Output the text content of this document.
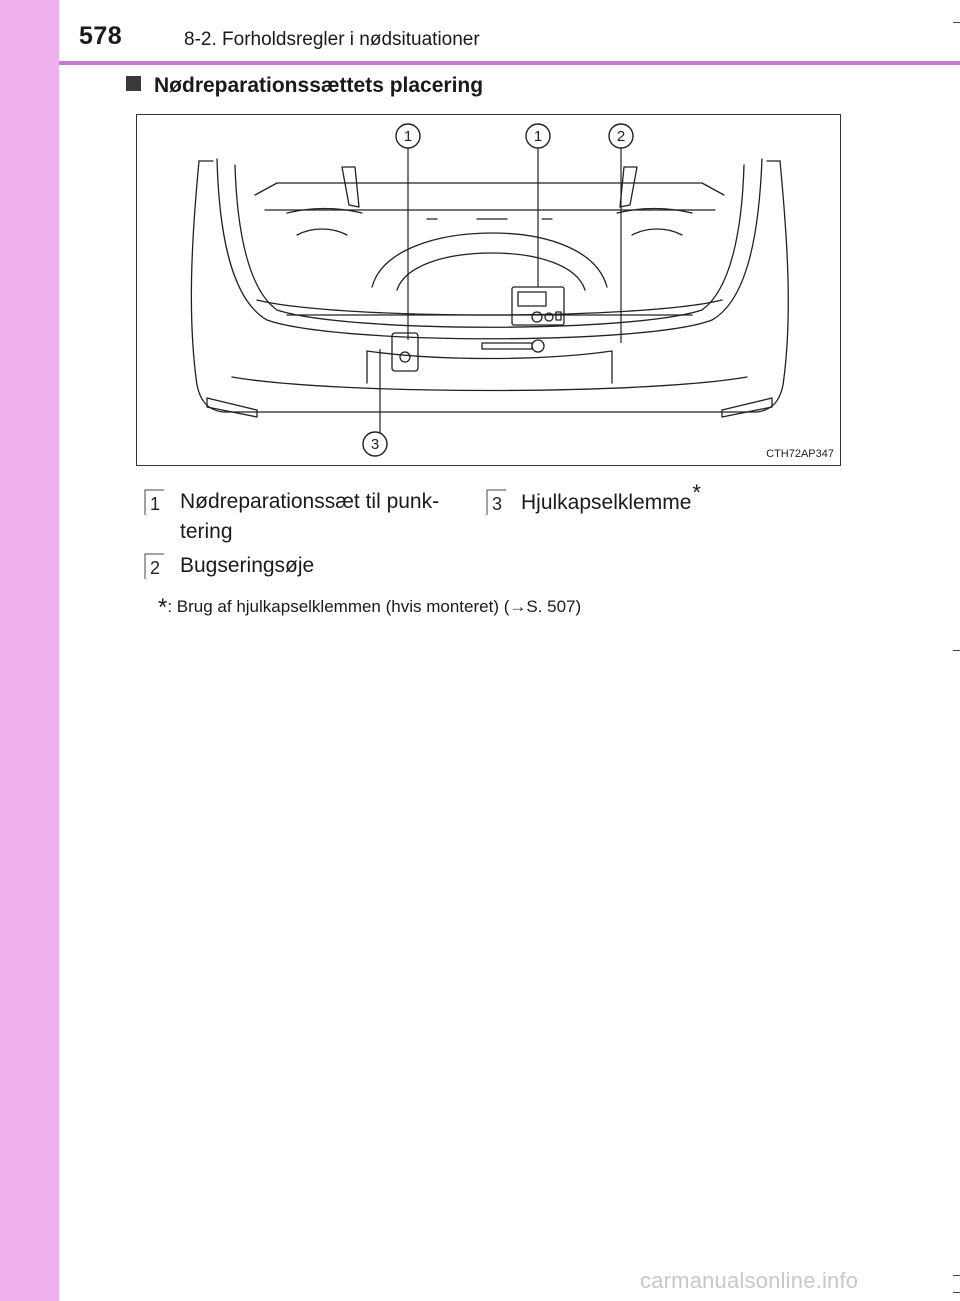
578	8-2. Forholdsregler i nødsituationer
Nødreparationssættets placering
1	1	2
3
CTH72AP347
1 Nødreparationssæt til punk-
tering
3 Hjulkapselklemme*
2 Bugseringsøje
*: Brug af hjulkapselklemmen (hvis monteret) (→S. 507)
carmanualsonline.info
